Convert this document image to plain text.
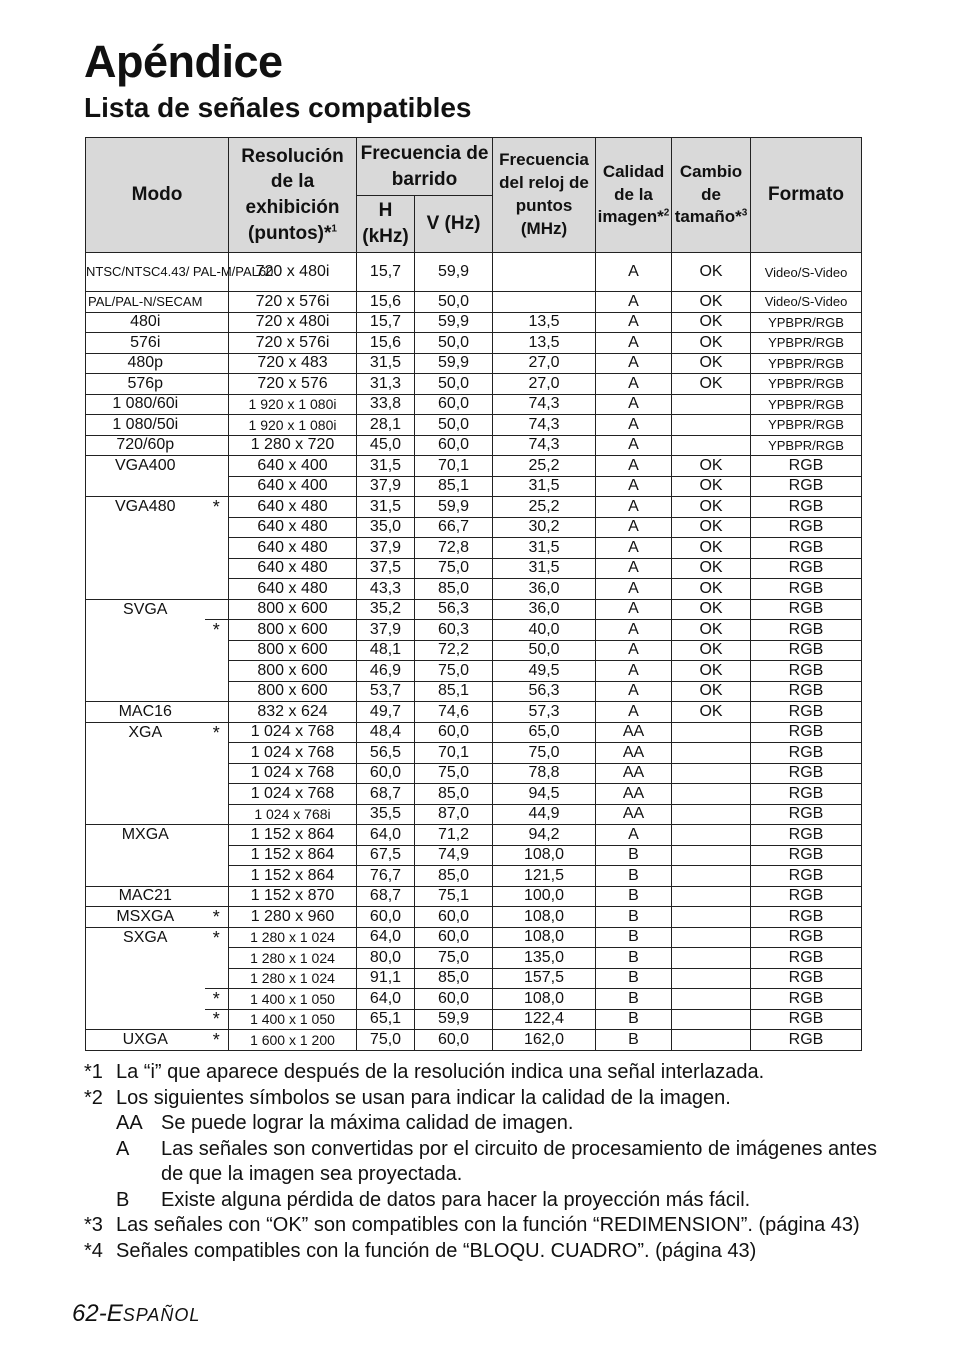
Apéndice
Lista de señales compatibles
Modo		Resolución de la exhibición (puntos)*$^1$	Frecuencia de barrido		Frecuencia del reloj de puntos (MHz)	Calidad de la imagen*$^2$	Cambio de tamaño*$^3$	Formato
			H (kHz)	V (Hz)				
NTSC/NTSC4.43/ PAL-M/PAL60		720 x 480i	15,7	59,9		A	OK	Video/S-Video
PAL/PAL-N/SECAM		720 x 576i	15,6	50,0		A	OK	Video/S-Video
480i		720 x 480i	15,7	59,9	13,5	A	OK	YPBPR/RGB
576i		720 x 576i	15,6	50,0	13,5	A	OK	YPBPR/RGB
480p		720 x 483	31,5	59,9	27,0	A	OK	YPBPR/RGB
576p		720 x 576	31,3	50,0	27,0	A	OK	YPBPR/RGB
1 080/60i		1 920 x 1 080i	33,8	60,0	74,3	A		YPBPR/RGB
1 080/50i		1 920 x 1 080i	28,1	50,0	74,3	A		YPBPR/RGB
720/60p		1 280 x 720	45,0	60,0	74,3	A		YPBPR/RGB
VGA400		640 x 400	31,5	70,1	25,2	A	OK	RGB
		640 x 400	37,9	85,1	31,5	A	OK	RGB
VGA480	*	640 x 480	31,5	59,9	25,2	A	OK	RGB
		640 x 480	35,0	66,7	30,2	A	OK	RGB
		640 x 480	37,9	72,8	31,5	A	OK	RGB
		640 x 480	37,5	75,0	31,5	A	OK	RGB
		640 x 480	43,3	85,0	36,0	A	OK	RGB
SVGA		800 x 600	35,2	56,3	36,0	A	OK	RGB
	*	800 x 600	37,9	60,3	40,0	A	OK	RGB
		800 x 600	48,1	72,2	50,0	A	OK	RGB
		800 x 600	46,9	75,0	49,5	A	OK	RGB
		800 x 600	53,7	85,1	56,3	A	OK	RGB
MAC16		832 x 624	49,7	74,6	57,3	A	OK	RGB
XGA	*	1 024 x 768	48,4	60,0	65,0	AA		RGB
		1 024 x 768	56,5	70,1	75,0	AA		RGB
		1 024 x 768	60,0	75,0	78,8	AA		RGB
		1 024 x 768	68,7	85,0	94,5	AA		RGB
		1 024 x 768i	35,5	87,0	44,9	AA		RGB
MXGA		1 152 x 864	64,0	71,2	94,2	A		RGB
		1 152 x 864	67,5	74,9	108,0	B		RGB
		1 152 x 864	76,7	85,0	121,5	B		RGB
MAC21		1 152 x 870	68,7	75,1	100,0	B		RGB
MSXGA	*	1 280 x 960	60,0	60,0	108,0	B		RGB
SXGA	*	1 280 x 1 024	64,0	60,0	108,0	B		RGB
		1 280 x 1 024	80,0	75,0	135,0	B		RGB
		1 280 x 1 024	91,1	85,0	157,5	B		RGB
	*	1 400 x 1 050	64,0	60,0	108,0	B		RGB
	*	1 400 x 1 050	65,1	59,9	122,4	B		RGB
UXGA	*	1 600 x 1 200	75,0	60,0	162,0	B		RGB
*1 La “i” que aparece después de la resolución indica una señal interlazada.
*2 Los siguientes símbolos se usan para indicar la calidad de la imagen.
AA Se puede lograr la máxima calidad de imagen.
A	Las señales son convertidas por el circuito de procesamiento de imágenes antes de que la imagen sea proyectada.
B	Existe alguna pérdida de datos para hacer la proyección más fácil.
*3 Las señales con “OK” son compatibles con la función “REDIMENSION”. (página 43)
*4 Señales compatibles con la función de “BLOQU. CUADRO”. (página 43)
62-ESPAÑOL
